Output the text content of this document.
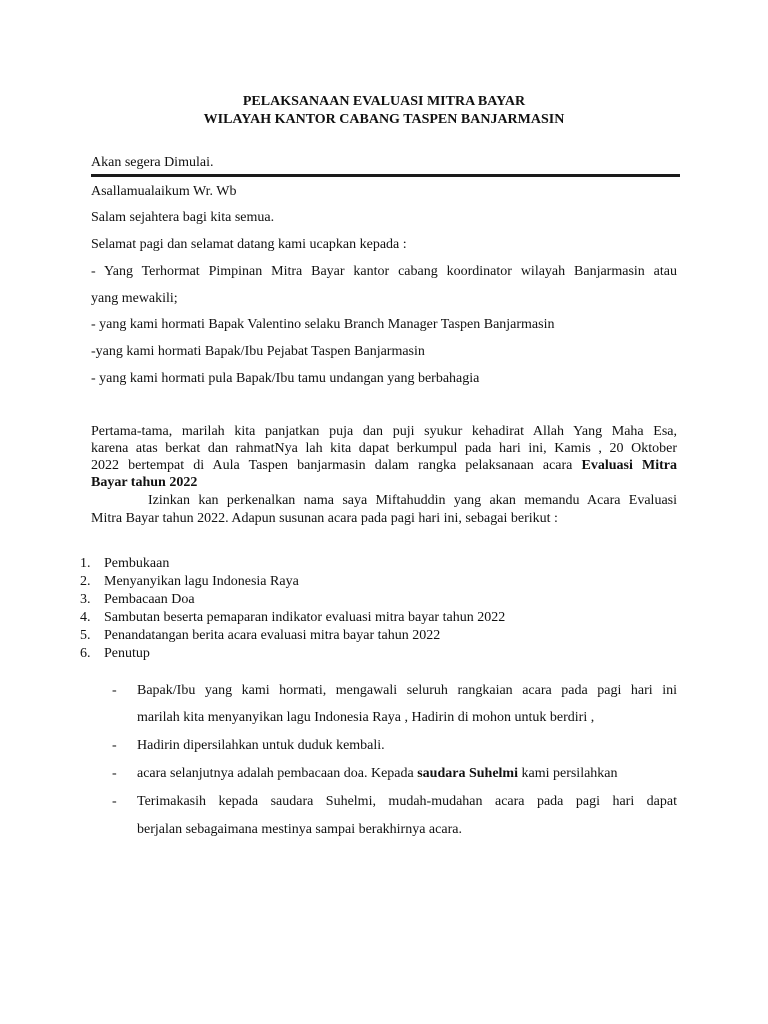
PELAKSANAAN EVALUASI MITRA BAYAR
WILAYAH KANTOR CABANG TASPEN BANJARMASIN
Akan segera Dimulai.
Asallamualaikum Wr. Wb
Salam sejahtera bagi kita semua.
Selamat pagi dan selamat datang kami ucapkan kepada :
- Yang Terhormat Pimpinan Mitra Bayar kantor cabang koordinator wilayah Banjarmasin atau
yang mewakili;
- yang kami hormati Bapak Valentino selaku Branch Manager Taspen Banjarmasin
-yang kami hormati Bapak/Ibu Pejabat Taspen Banjarmasin
- yang kami hormati pula Bapak/Ibu tamu undangan yang berbahagia
Pertama-tama, marilah kita panjatkan puja dan puji syukur kehadirat Allah Yang Maha Esa,
karena atas berkat dan rahmatNya lah kita dapat berkumpul pada hari ini, Kamis , 20 Oktober
2022 bertempat di Aula Taspen banjarmasin dalam rangka pelaksanaan acara Evaluasi Mitra
Bayar tahun 2022
Izinkan kan perkenalkan nama saya Miftahuddin yang akan memandu Acara Evaluasi
Mitra Bayar tahun 2022. Adapun susunan acara pada pagi hari ini, sebagai berikut :
1. Pembukaan
2. Menyanyikan lagu Indonesia Raya
3. Pembacaan Doa
4. Sambutan beserta pemaparan indikator evaluasi mitra bayar tahun 2022
5. Penandatangan berita acara evaluasi mitra bayar tahun 2022
6. Penutup
- Bapak/Ibu yang kami hormati, mengawali seluruh rangkaian acara pada pagi hari ini
marilah kita menyanyikan lagu Indonesia Raya , Hadirin di mohon untuk berdiri ,
- Hadirin dipersilahkan untuk duduk kembali.
- acara selanjutnya adalah pembacaan doa. Kepada saudara Suhelmi kami persilahkan
- Terimakasih kepada saudara Suhelmi, mudah-mudahan acara pada pagi hari dapat
berjalan sebagaimana mestinya sampai berakhirnya acara.
